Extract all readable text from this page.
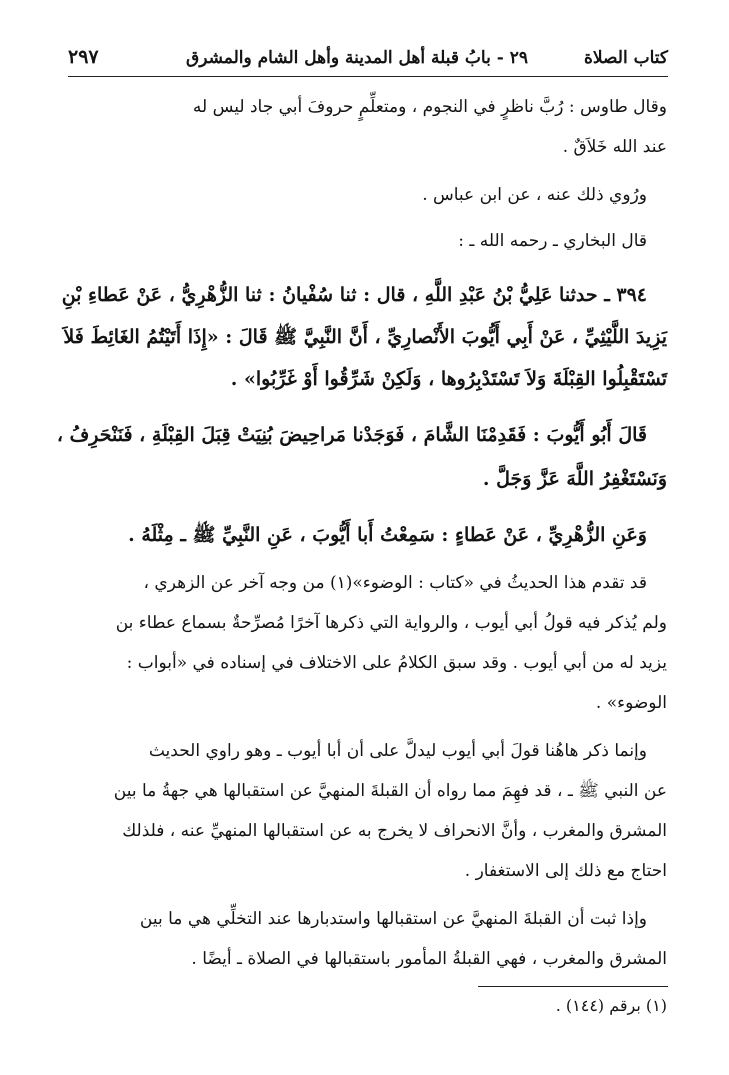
كتاب الصلاة
٢٩ - بابُ قبلة أهل المدينة وأهل الشام والمشرق
٢٩٧
وقال طاوس : رُبَّ ناظرٍ في النجوم ، ومتعلِّمٍ حروفَ أبي جاد ليس له
عند الله خَلاَقٌ .
ورُوي ذلك عنه ، عن ابن عباس .
قال البخاري ـ رحمه الله ـ :
٣٩٤ ـ حدثنا عَلِيُّ بْنُ عَبْدِ اللَّهِ ، قال : ثنا سُفْيانُ : ثنا الزُّهْرِيُّ ، عَنْ عَطاءِ بْنِ
يَزِيدَ اللَّيْثِيِّ ، عَنْ أَبِي أَيُّوبَ الأَنْصارِيِّ ، أَنَّ النَّبِيَّ ﷺ قَالَ : «إِذَا أَتَيْتُمُ الغَائِطَ فَلاَ
تَسْتَقْبِلُوا القِبْلَةَ وَلاَ تَسْتَدْبِرُوها ، وَلَكِنْ شَرِّقُوا أَوْ غَرِّبُوا» .
قَالَ أَبُو أَيُّوبَ : فَقَدِمْنَا الشَّامَ ، فَوَجَدْنا مَراحِيضَ بُنِيَتْ قِبَلَ القِبْلَةِ ، فَنَنْحَرِفُ ،
وَنَسْتَغْفِرُ اللَّهَ عَزَّ وَجَلَّ .
وَعَنِ الزُّهْرِيِّ ، عَنْ عَطاءٍ : سَمِعْتُ أَبا أَيُّوبَ ، عَنِ النَّبِيِّ ﷺ ـ مِثْلَهُ .
قد تقدم هذا الحديثُ في «كتاب : الوضوء»(١) من وجه آخر عن الزهري ،
ولم يُذكر فيه قولُ أبي أيوب ، والرواية التي ذكرها آخرًا مُصرِّحةٌ بسماع عطاء بن
يزيد له من أبي أيوب . وقد سبق الكلامُ على الاختلاف في إسناده في «أبواب :
الوضوء» .
وإنما ذكر هاهُنا قولَ أبي أيوب ليدلَّ على أن أبا أيوب ـ وهو راوي الحديث
عن النبي ﷺ ـ ، قد فهِمَ مما رواه أن القبلةَ المنهيَّ عن استقبالها هي جهةُ ما بين
المشرق والمغرب ، وأنَّ الانحراف لا يخرج به عن استقبالها المنهيِّ عنه ، فلذلك
احتاج مع ذلك إلى الاستغفار .
وإذا ثبت أن القبلةَ المنهيَّ عن استقبالها واستدبارها عند التخلِّي هي ما بين
المشرق والمغرب ، فهي القبلةُ المأمور باستقبالها في الصلاة ـ أيضًا .
(١) برقم (١٤٤) .
